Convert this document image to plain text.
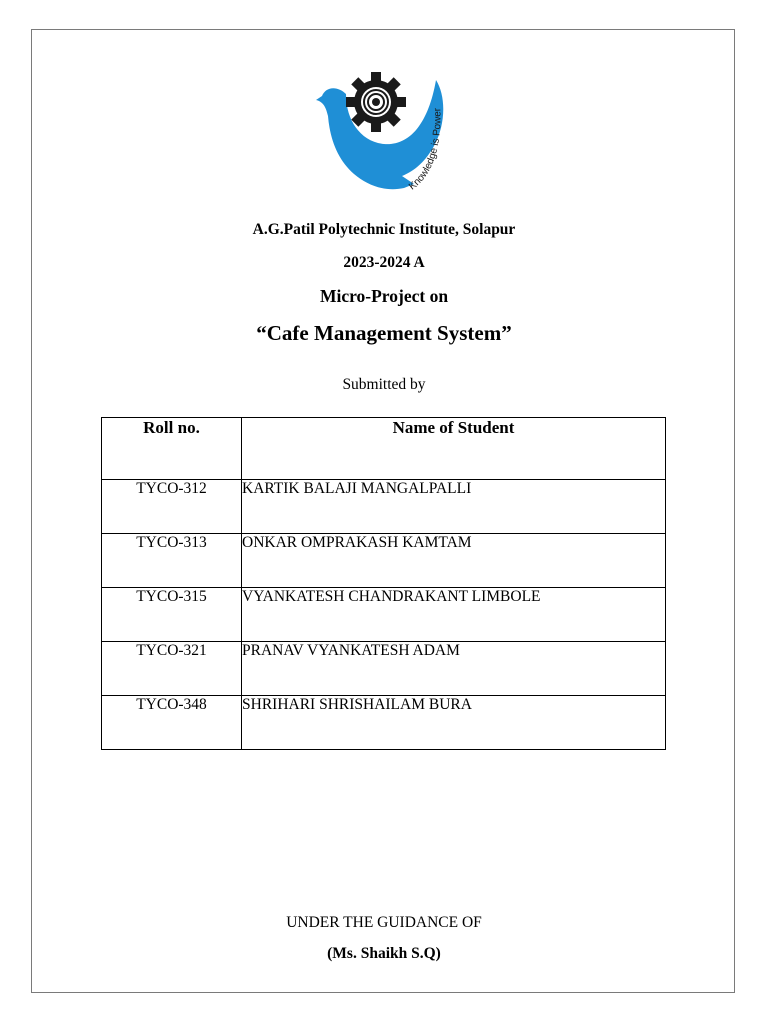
Knowledge is Power
A.G.Patil Polytechnic Institute, Solapur
2023-2024 A
Micro-Project on
“Cafe Management System”
Submitted by
Roll no.	Name of Student
TYCO-312	KARTIK BALAJI MANGALPALLI
TYCO-313	ONKAR OMPRAKASH KAMTAM
TYCO-315	VYANKATESH CHANDRAKANT LIMBOLE
TYCO-321	PRANAV VYANKATESH ADAM
TYCO-348	SHRIHARI SHRISHAILAM BURA
UNDER THE GUIDANCE OF
(Ms. Shaikh S.Q)
